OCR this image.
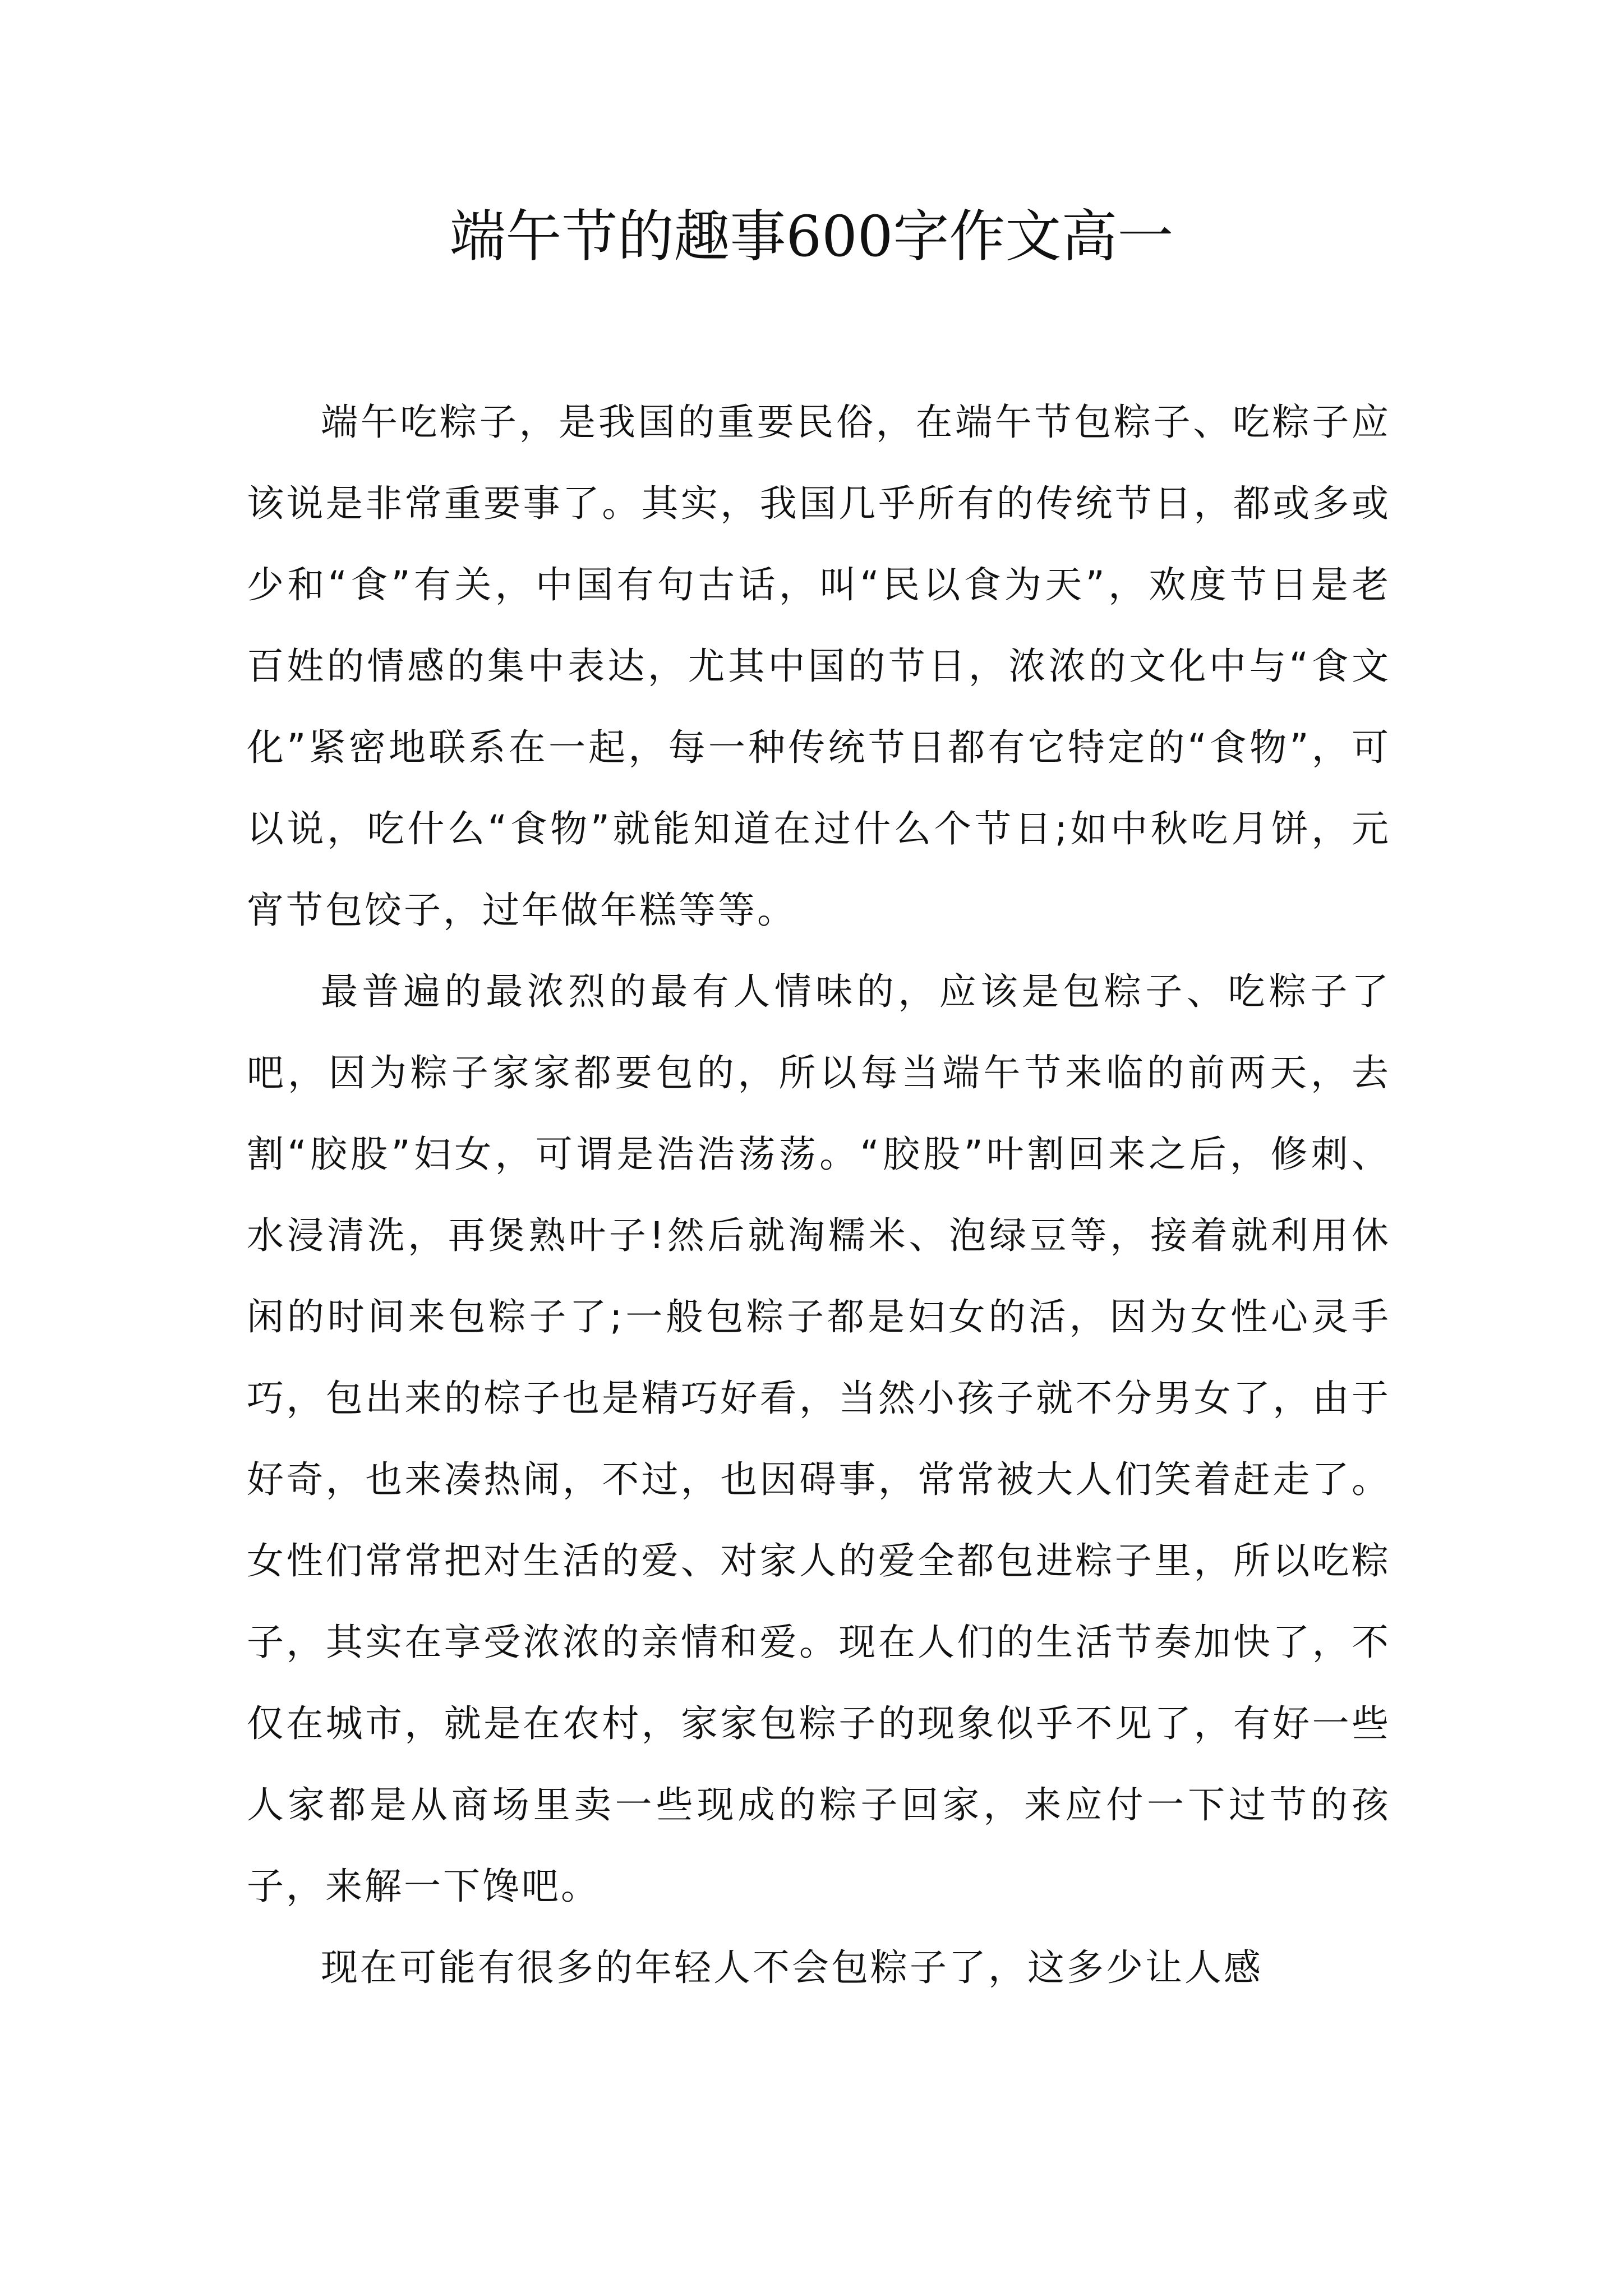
端午节的趣事600字作文高一

端午吃粽子，是我国的重要民俗，在端午节包粽子、吃粽子应该说是非常重要事了。其实，我国几乎所有的传统节日，都或多或少和“食”有关，中国有句古话，叫“民以食为天”，欢度节日是老百姓的情感的集中表达，尤其中国的节日，浓浓的文化中与“食文化”紧密地联系在一起，每一种传统节日都有它特定的“食物”，可以说，吃什么“食物”就能知道在过什么个节日;如中秋吃月饼，元宵节包饺子，过年做年糕等等。

最普遍的最浓烈的最有人情味的，应该是包粽子、吃粽子了吧，因为粽子家家都要包的，所以每当端午节来临的前两天，去割“胶股”妇女，可谓是浩浩荡荡。“胶股”叶割回来之后，修刺、水浸清洗，再煲熟叶子!然后就淘糯米、泡绿豆等，接着就利用休闲的时间来包粽子了;一般包粽子都是妇女的活，因为女性心灵手巧，包出来的棕子也是精巧好看，当然小孩子就不分男女了，由于好奇，也来凑热闹，不过，也因碍事，常常被大人们笑着赶走了。女性们常常把对生活的爱、对家人的爱全都包进粽子里，所以吃粽子，其实在享受浓浓的亲情和爱。现在人们的生活节奏加快了，不仅在城市，就是在农村，家家包粽子的现象似乎不见了，有好一些人家都是从商场里卖一些现成的粽子回家，来应付一下过节的孩子，来解一下馋吧。

现在可能有很多的年轻人不会包粽子了，这多少让人感
